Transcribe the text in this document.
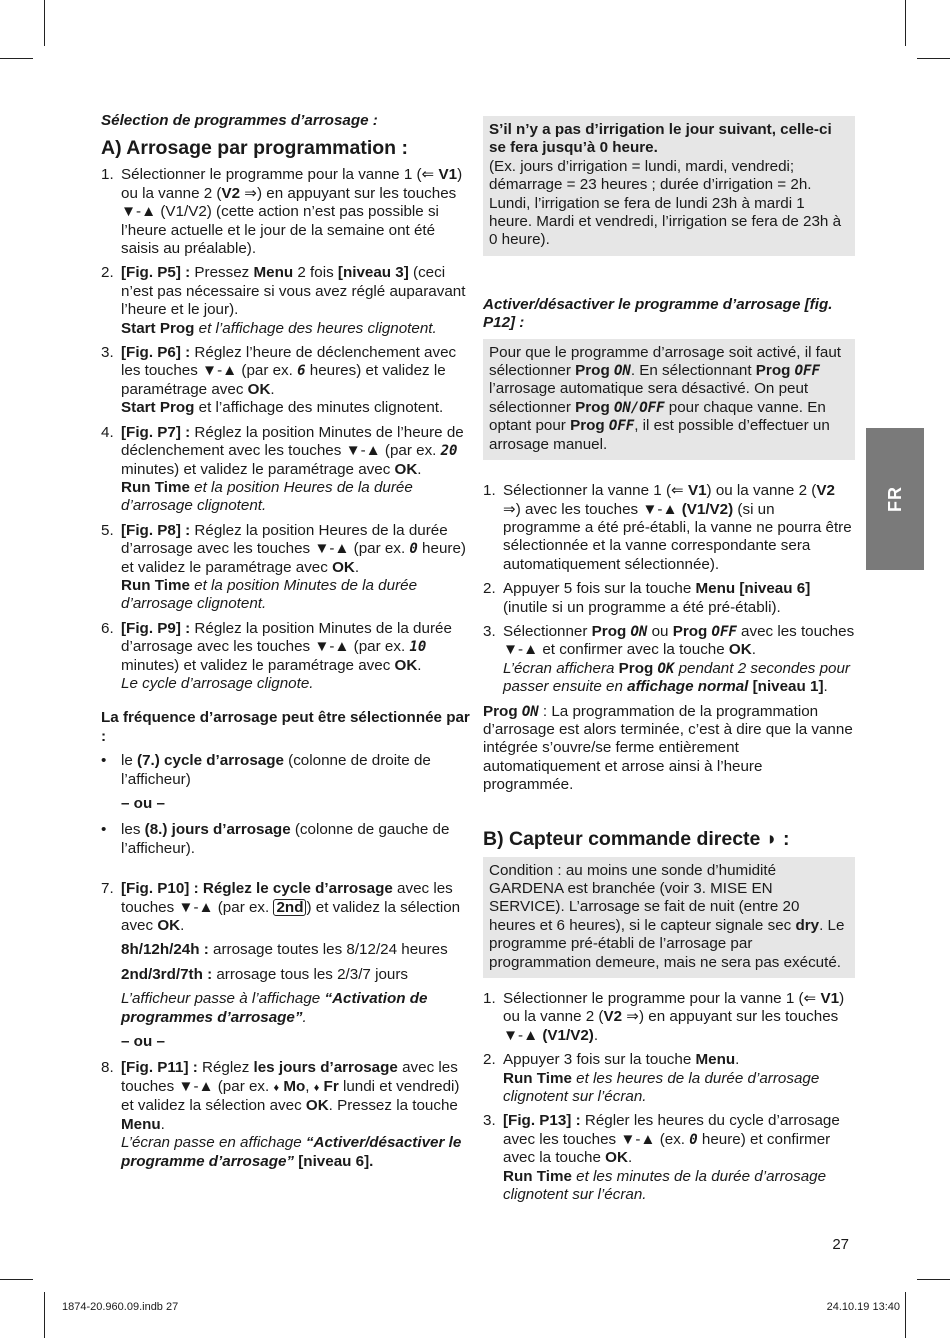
Sélection de programmes d’arrosage :
A) Arrosage par programmation :
1. Sélectionner le programme pour la vanne 1 (⇐ V1) ou la vanne 2 (V2 ⇒) en appuyant sur les touches ▼-▲ (V1/V2) (cette action n’est pas possible si l’heure actuelle et le jour de la semaine ont été saisis au préalable).
2. [Fig. P5] : Pressez Menu 2 fois [niveau 3] (ceci n’est pas nécessaire si vous avez réglé auparavant l’heure et le jour).
Start Prog et l’affichage des heures clignotent.
3. [Fig. P6] : Réglez l’heure de déclenchement avec les touches ▼-▲ (par ex. 6 heures) et validez le paramétrage avec OK.
Start Prog et l’affichage des minutes clignotent.
4. [Fig. P7] : Réglez la position Minutes de l’heure de déclenchement avec les touches ▼-▲ (par ex. 20 minutes) et validez le paramétrage avec OK.
Run Time et la position Heures de la durée d’arrosage clignotent.
5. [Fig. P8] : Réglez la position Heures de la durée d’arrosage avec les touches ▼-▲ (par ex. 0 heure) et validez le paramétrage avec OK.
Run Time et la position Minutes de la durée d’arrosage clignotent.
6. [Fig. P9] : Réglez la position Minutes de la durée d’arrosage avec les touches ▼-▲ (par ex. 10 minutes) et validez le paramétrage avec OK.
Le cycle d’arrosage clignote.
La fréquence d’arrosage peut être sélectionnée par :
• le (7.) cycle d’arrosage (colonne de droite de l’afficheur)
– ou –
• les (8.) jours d’arrosage (colonne de gauche de l’afficheur).
7. [Fig. P10] : Réglez le cycle d’arrosage avec les touches ▼-▲ (par ex. 2nd ) et validez la sélection avec OK.
8h/12h/24h : arrosage toutes les 8/12/24 heures
2nd/3rd/7th : arrosage tous les 2/3/7 jours
L’afficheur passe à l’affichage “Activation de programmes d’arrosage”.
– ou –
8. [Fig. P11] : Réglez les jours d’arrosage avec les touches ▼-▲ (par ex. ♦ Mo, ♦ Fr lundi et vendredi) et validez la sélection avec OK. Pressez la touche Menu.
L’écran passe en affichage “Activer/désactiver le programme d’arrosage” [niveau 6].
S’il n’y a pas d’irrigation le jour suivant, celle-ci se fera jusqu’à 0 heure.
(Ex. jours d’irrigation = lundi, mardi, vendredi; démarrage = 23 heures ; durée d’irrigation = 2h. Lundi, l’irrigation se fera de lundi 23h à mardi 1 heure. Mardi et vendredi, l’irrigation se fera de 23h à 0 heure).
Activer/désactiver le programme d’arrosage [fig. P12] :
Pour que le programme d’arrosage soit activé, il faut sélectionner Prog ON. En sélectionnant Prog OFF l’arrosage automatique sera désactivé. On peut sélectionner Prog ON/OFF pour chaque vanne. En optant pour Prog OFF, il est possible d’effectuer un arrosage manuel.
1. Sélectionner la vanne 1 (⇐ V1) ou la vanne 2 (V2 ⇒) avec les touches ▼-▲ (V1/V2) (si un programme a été pré-établi, la vanne ne pourra être sélectionnée et la vanne correspondante sera automatiquement sélectionnée).
2. Appuyer 5 fois sur la touche Menu [niveau 6] (inutile si un programme a été pré-établi).
3. Sélectionner Prog ON ou Prog OFF avec les touches ▼-▲ et confirmer avec la touche OK.
L’écran affichera Prog OK pendant 2 secondes pour passer ensuite en affichage normal [niveau 1].
Prog ON : La programmation de la programmation d’arrosage est alors terminée, c’est à dire que la vanne intégrée s’ouvre/se ferme entièrement automatiquement et arrose ainsi à l’heure programmée.
B) Capteur commande directe ◗ :
Condition : au moins une sonde d’humidité GARDENA est branchée (voir 3. MISE EN SERVICE). L’arrosage se fait de nuit (entre 20 heures et 6 heures), si le capteur signale sec dry. Le programme pré-établi de l’arrosage par programmation demeure, mais ne sera pas exécuté.
1. Sélectionner le programme pour la vanne 1 (⇐ V1) ou la vanne 2 (V2 ⇒) en appuyant sur les touches ▼-▲ (V1/V2).
2. Appuyer 3 fois sur la touche Menu.
Run Time et les heures de la durée d’arrosage clignotent sur l’écran.
3. [Fig. P13] : Régler les heures du cycle d’arrosage avec les touches ▼-▲ (ex. 0 heure) et confirmer avec la touche OK.
Run Time et les minutes de la durée d’arrosage clignotent sur l’écran.
FR
27
1874-20.960.09.indb 27	24.10.19 13:40
